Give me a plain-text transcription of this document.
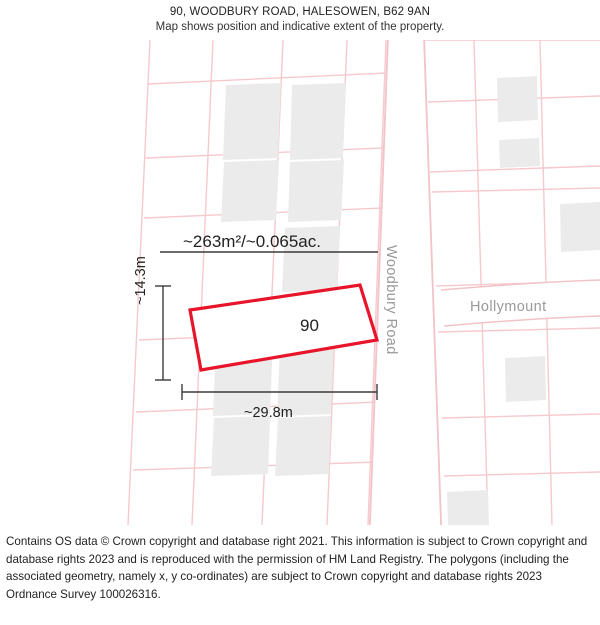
90, WOODBURY ROAD, HALESOWEN, B62 9AN
Map shows position and indicative extent of the property.
~263m²/~0.065ac.
90
~29.8m
~14.3m	Woodbury Road	Hollymount

Contains OS data © Crown copyright and database right 2021. This information is subject to Crown copyright and database rights 2023 and is reproduced with the permission of HM Land Registry. The polygons (including the associated geometry, namely x, y co-ordinates) are subject to Crown copyright and database rights 2023 Ordnance Survey 100026316.
